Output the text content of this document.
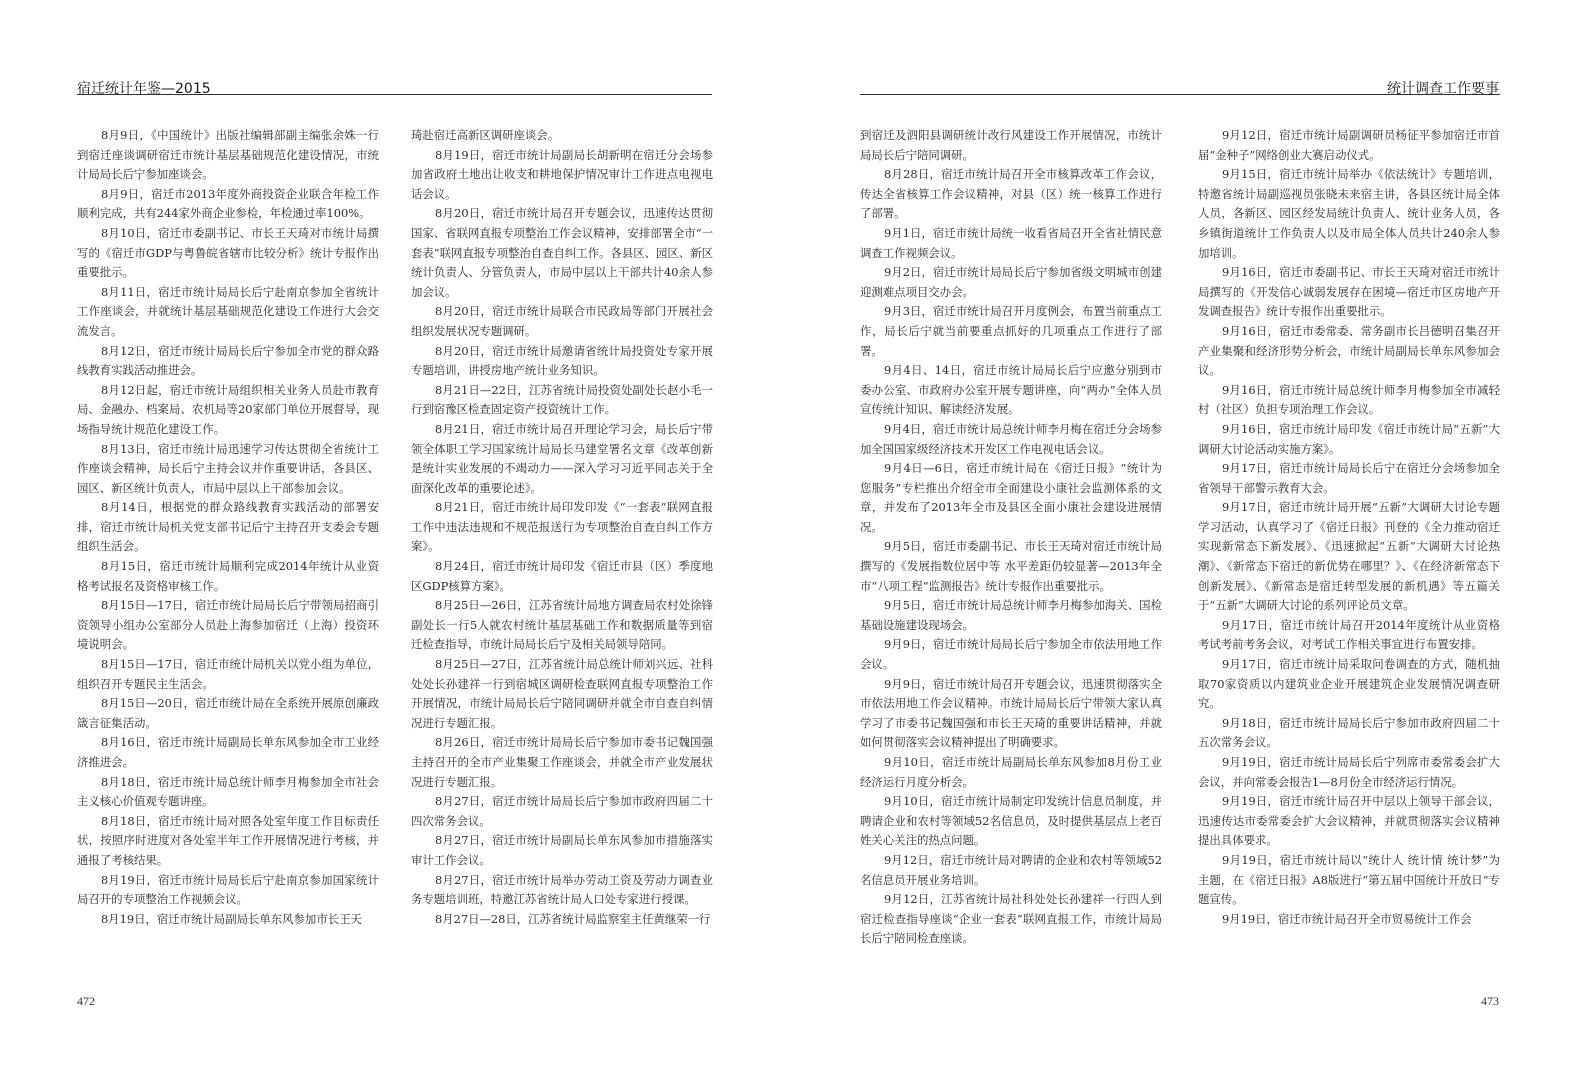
宿迁统计年鉴—2015

8月9日，《中国统计》出版社编辑部副主编张余姝一行到宿迁座谈调研宿迁市统计基层基础规范化建设情况，市统计局局长后宁参加座谈会。

8月9日，宿迁市2013年度外商投资企业联合年检工作顺利完成，共有244家外商企业参检，年检通过率100%。

8月10日，宿迁市委副书记、市长王天琦对市统计局撰写的《宿迁市GDP与粤鲁皖省辖市比较分析》统计专报作出重要批示。

8月11日，宿迁市统计局局长后宁赴南京参加全省统计工作座谈会，并就统计基层基础规范化建设工作进行大会交流发言。

8月12日，宿迁市统计局局长后宁参加全市党的群众路线教育实践活动推进会。

8月12日起，宿迁市统计局组织相关业务人员赴市教育局、金融办、档案局、农机局等20家部门单位开展督导，现场指导统计规范化建设工作。

8月13日，宿迁市统计局迅速学习传达贯彻全省统计工作座谈会精神，局长后宁主持会议并作重要讲话，各县区、园区、新区统计负责人，市局中层以上干部参加会议。

8月14日，根据党的群众路线教育实践活动的部署安排，宿迁市统计局机关党支部书记后宁主持召开支委会专题组织生活会。

8月15日，宿迁市统计局顺利完成2014年统计从业资格考试报名及资格审核工作。

8月15日—17日，宿迁市统计局局长后宁带领局招商引资领导小组办公室部分人员赴上海参加宿迁（上海）投资环境说明会。

8月15日—17日，宿迁市统计局机关以党小组为单位，组织召开专题民主生活会。

8月15日—20日，宿迁市统计局在全系统开展原创廉政箴言征集活动。

8月16日，宿迁市统计局副局长单东风参加全市工业经济推进会。

8月18日，宿迁市统计局总统计师李月梅参加全市社会主义核心价值观专题讲座。

8月18日，宿迁市统计局对照各处室年度工作目标责任状，按照序时进度对各处室半年工作开展情况进行考核，并通报了考核结果。

8月19日，宿迁市统计局局长后宁赴南京参加国家统计局召开的专项整治工作视频会议。

8月19日，宿迁市统计局副局长单东风参加市长王天

琦赴宿迁高新区调研座谈会。

8月19日，宿迁市统计局副局长胡新明在宿迁分会场参加省政府土地出让收支和耕地保护情况审计工作进点电视电话会议。

8月20日，宿迁市统计局召开专题会议，迅速传达贯彻国家、省联网直报专项整治工作会议精神，安排部署全市“一套表”联网直报专项整治自查自纠工作。各县区、园区、新区统计负责人、分管负责人，市局中层以上干部共计40余人参加会议。

8月20日，宿迁市统计局联合市民政局等部门开展社会组织发展状况专题调研。

8月20日，宿迁市统计局邀请省统计局投资处专家开展专题培训，讲授房地产统计业务知识。

8月21日—22日，江苏省统计局投资处副处长赵小毛一行到宿豫区检查固定资产投资统计工作。

8月21日，宿迁市统计局召开理论学习会，局长后宁带领全体职工学习国家统计局局长马建堂署名文章《改革创新是统计实业发展的不竭动力——深入学习习近平同志关于全面深化改革的重要论述》。

8月21日，宿迁市统计局印发印发《“一套表”联网直报工作中违法违规和不规范报送行为专项整治自查自纠工作方案》。

8月24日，宿迁市统计局印发《宿迁市县（区）季度地区GDP核算方案》。

8月25日—26日，江苏省统计局地方调查局农村处徐锋副处长一行5人就农村统计基层基础工作和数据质量等到宿迁检查指导，市统计局局长后宁及相关局领导陪同。

8月25日—27日，江苏省统计局总统计师刘兴远、社科处处长孙建祥一行到宿城区调研检查联网直报专项整治工作开展情况，市统计局局长后宁陪同调研并就全市自查自纠情况进行专题汇报。

8月26日，宿迁市统计局局长后宁参加市委书记魏国强主持召开的全市产业集聚工作座谈会，并就全市产业发展状况进行专题汇报。

8月27日，宿迁市统计局局长后宁参加市政府四届二十四次常务会议。

8月27日，宿迁市统计局副局长单东风参加市措施落实审计工作会议。

8月27日，宿迁市统计局举办劳动工资及劳动力调查业务专题培训班，特邀江苏省统计局人口处专家进行授课。

8月27日—28日，江苏省统计局监察室主任黄继荣一行

472
统计调查工作要事

到宿迁及泗阳县调研统计改行风建设工作开展情况，市统计局局长后宁陪同调研。

8月28日，宿迁市统计局召开全市核算改革工作会议，传达全省核算工作会议精神，对县（区）统一核算工作进行了部署。

9月1日，宿迁市统计局统一收看省局召开全省社情民意调查工作视频会议。

9月2日，宿迁市统计局局长后宁参加省级文明城市创建迎测难点项目交办会。

9月3日，宿迁市统计局召开月度例会，布置当前重点工作，局长后宁就当前要重点抓好的几项重点工作进行了部署。

9月4日、14日，宿迁市统计局局长后宁应邀分别到市委办公室、市政府办公室开展专题讲座，向“两办”全体人员宣传统计知识、解读经济发展。

9月4日，宿迁市统计局总统计师李月梅在宿迁分会场参加全国国家级经济技术开发区工作电视电话会议。

9月4日—6日，宿迁市统计局在《宿迁日报》“统计为您服务”专栏推出介绍全市全面建设小康社会监测体系的文章，并发布了2013年全市及县区全面小康社会建设进展情况。

9月5日，宿迁市委副书记、市长王天琦对宿迁市统计局撰写的《发展指数位居中等 水平差距仍较显著—2013年全市“八项工程”监测报告》统计专报作出重要批示。

9月5日，宿迁市统计局总统计师李月梅参加海关、国检基础设施建设现场会。

9月9日，宿迁市统计局局长后宁参加全市依法用地工作会议。

9月9日，宿迁市统计局召开专题会议，迅速贯彻落实全市依法用地工作会议精神。市统计局局长后宁带领大家认真学习了市委书记魏国强和市长王天琦的重要讲话精神，并就如何贯彻落实会议精神提出了明确要求。

9月10日，宿迁市统计局副局长单东风参加8月份工业经济运行月度分析会。

9月10日，宿迁市统计局制定印发统计信息员制度，并聘请企业和农村等领域52名信息员，及时提供基层点上老百姓关心关注的热点问题。

9月12日，宿迁市统计局对聘请的企业和农村等领域52名信息员开展业务培训。

9月12日，江苏省统计局社科处处长孙建祥一行四人到宿迁检查指导座谈“企业一套表”联网直报工作，市统计局局长后宁陪同检查座谈。

9月12日，宿迁市统计局副调研员杨征平参加宿迁市首届“金种子”网络创业大赛启动仪式。

9月15日，宿迁市统计局举办《依法统计》专题培训，特邀省统计局副巡视员张晓未来宿主讲，各县区统计局全体人员，各新区、园区经发局统计负责人、统计业务人员，各乡镇街道统计工作负责人以及市局全体人员共计240余人参加培训。

9月16日，宿迁市委副书记、市长王天琦对宿迁市统计局撰写的《开发信心诚弱发展存在困境—宿迁市区房地产开发调查报告》统计专报作出重要批示。

9月16日，宿迁市委常委、常务副市长吕德明召集召开产业集聚和经济形势分析会，市统计局副局长单东风参加会议。

9月16日，宿迁市统计局总统计师李月梅参加全市减轻村（社区）负担专项治理工作会议。

9月16日，宿迁市统计局印发《宿迁市统计局“五新”大调研大讨论活动实施方案》。

9月17日，宿迁市统计局局长后宁在宿迁分会场参加全省领导干部警示教育大会。

9月17日，宿迁市统计局开展“五新”大调研大讨论专题学习活动，认真学习了《宿迁日报》刊登的《全力推动宿迁实现新常态下新发展》、《迅速掀起“五新”大调研大讨论热潮》、《新常态下宿迁的新优势在哪里？》、《在经济新常态下创新发展》、《新常态是宿迁转型发展的新机遇》等五篇关于“五新”大调研大讨论的系列评论员文章。

9月17日，宿迁市统计局召开2014年度统计从业资格考试考前考务会议，对考试工作相关事宜进行布置安排。

9月17日，宿迁市统计局采取问卷调查的方式，随机抽取70家资质以内建筑业企业开展建筑企业发展情况调查研究。

9月18日，宿迁市统计局局长后宁参加市政府四届二十五次常务会议。

9月19日，宿迁市统计局局长后宁列席市委常委会扩大会议，并向常委会报告1—8月份全市经济运行情况。

9月19日，宿迁市统计局召开中层以上领导干部会议，迅速传达市委常委会扩大会议精神，并就贯彻落实会议精神提出具体要求。

9月19日，宿迁市统计局以“统计人 统计情 统计梦”为主题，在《宿迁日报》A8版进行“第五届中国统计开放日”专题宣传。

9月19日，宿迁市统计局召开全市贸易统计工作会

473
